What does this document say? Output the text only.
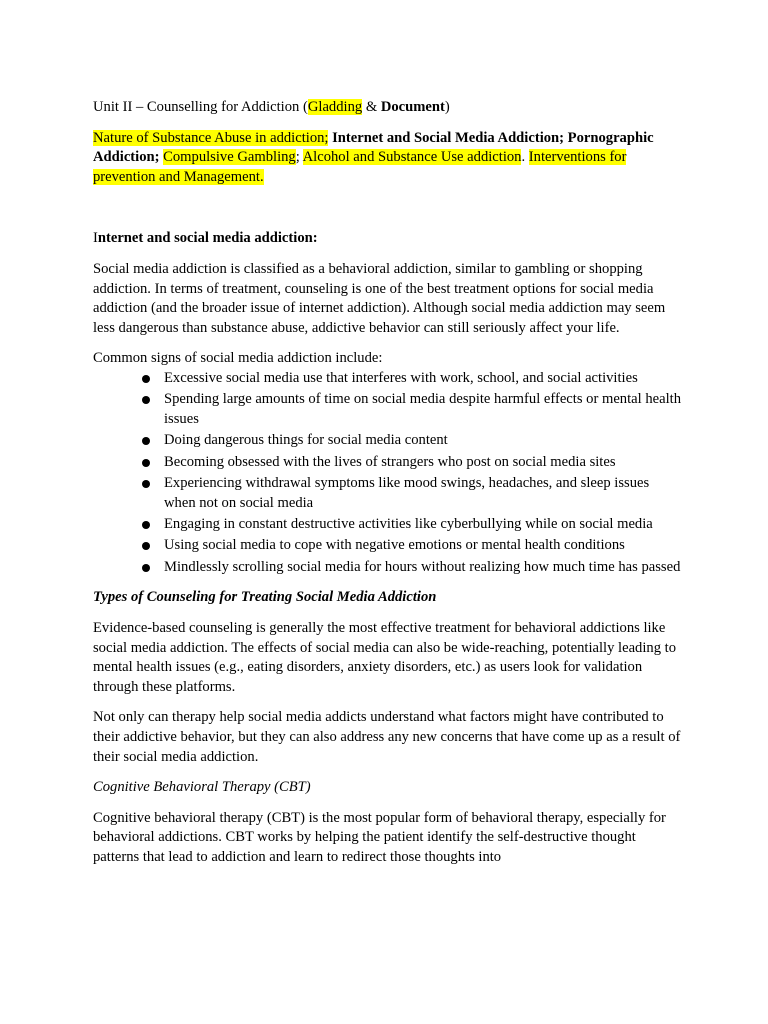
Unit II – Counselling for Addiction (Gladding & Document)

Nature of Substance Abuse in addiction; Internet and Social Media Addiction; Pornographic Addiction; Compulsive Gambling; Alcohol and Substance Use addiction. Interventions for prevention and Management.

Internet and social media addiction:

Social media addiction is classified as a behavioral addiction, similar to gambling or shopping addiction. In terms of treatment, counseling is one of the best treatment options for social media addiction (and the broader issue of internet addiction). Although social media addiction may seem less dangerous than substance abuse, addictive behavior can still seriously affect your life.

Common signs of social media addiction include:

Excessive social media use that interferes with work, school, and social activities
Spending large amounts of time on social media despite harmful effects or mental health issues
Doing dangerous things for social media content
Becoming obsessed with the lives of strangers who post on social media sites
Experiencing withdrawal symptoms like mood swings, headaches, and sleep issues when not on social media
Engaging in constant destructive activities like cyberbullying while on social media
Using social media to cope with negative emotions or mental health conditions
Mindlessly scrolling social media for hours without realizing how much time has passed

Types of Counseling for Treating Social Media Addiction

Evidence-based counseling is generally the most effective treatment for behavioral addictions like social media addiction. The effects of social media can also be wide-reaching, potentially leading to mental health issues (e.g., eating disorders, anxiety disorders, etc.) as users look for validation through these platforms.

Not only can therapy help social media addicts understand what factors might have contributed to their addictive behavior, but they can also address any new concerns that have come up as a result of their social media addiction.

Cognitive Behavioral Therapy (CBT)

Cognitive behavioral therapy (CBT) is the most popular form of behavioral therapy, especially for behavioral addictions. CBT works by helping the patient identify the self-destructive thought patterns that lead to addiction and learn to redirect those thoughts into
